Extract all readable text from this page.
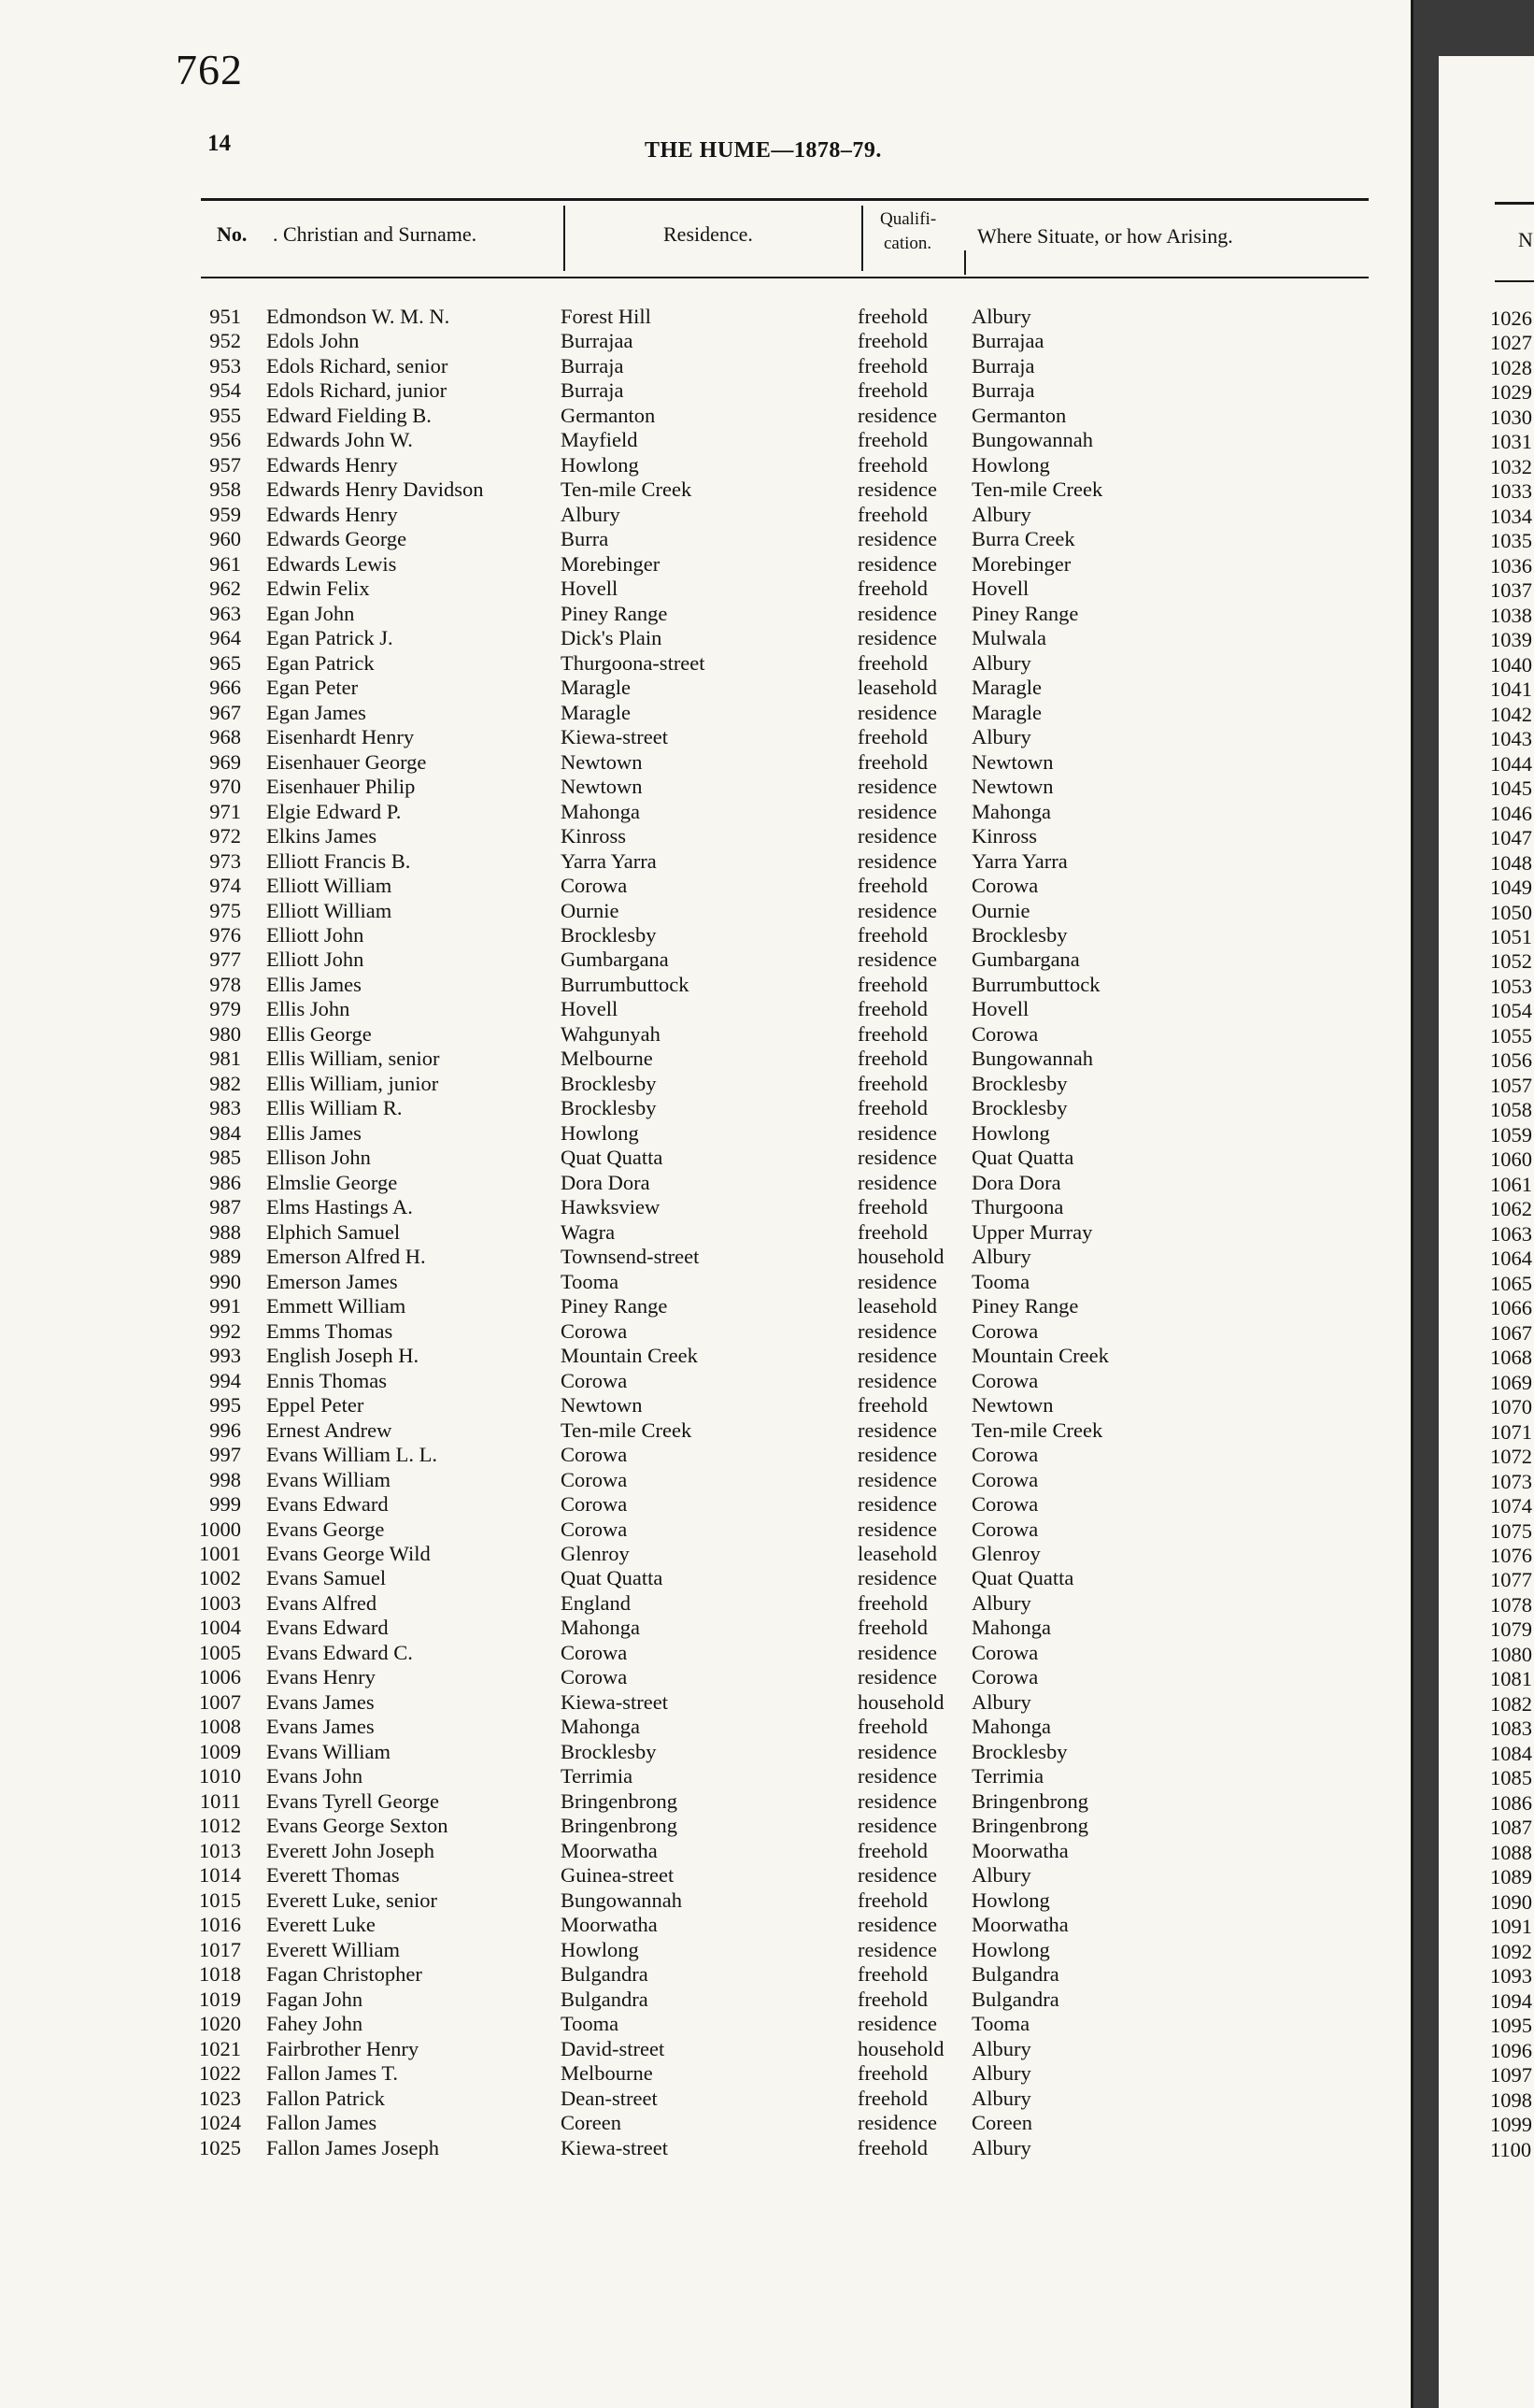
762
14	THE HUME—1878–79.
No. . Christian and Surname.	Residence.
Qualifi-
cation. Where Situate, or how Arising.
951 Edmondson W. M. N.	Forest Hill	freehold Albury
952 Edols John	Burrajaa	freehold Burrajaa
953 Edols Richard, senior	Burraja	freehold Burraja
954 Edols Richard, junior	Burraja	freehold Burraja
955 Edward Fielding B.	Germanton	residence Germanton
956 Edwards John W.	Mayfield	freehold Bungowannah
957 Edwards Henry	Howlong	freehold Howlong
958 Edwards Henry Davidson	Ten-mile Creek	residence Ten-mile Creek
959 Edwards Henry	Albury	freehold Albury
960 Edwards George	Burra	residence Burra Creek
961 Edwards Lewis	Morebinger	residence Morebinger
962 Edwin Felix	Hovell	freehold Hovell
963 Egan John	Piney Range	residence Piney Range
964 Egan Patrick J.	Dick's Plain	residence Mulwala
965 Egan Patrick	Thurgoona-street	freehold Albury
966 Egan Peter	Maragle	leasehold Maragle
967 Egan James	Maragle	residence Maragle
968 Eisenhardt Henry	Kiewa-street	freehold Albury
969 Eisenhauer George	Newtown	freehold Newtown
970 Eisenhauer Philip	Newtown	residence Newtown
971 Elgie Edward P.	Mahonga	residence Mahonga
972 Elkins James	Kinross	residence Kinross
973 Elliott Francis B.	Yarra Yarra	residence Yarra Yarra
974 Elliott William	Corowa	freehold Corowa
975 Elliott William	Ournie	residence Ournie
976 Elliott John	Brocklesby	freehold Brocklesby
977 Elliott John	Gumbargana	residence Gumbargana
978 Ellis James	Burrumbuttock	freehold Burrumbuttock
979 Ellis John	Hovell	freehold Hovell
980 Ellis George	Wahgunyah	freehold Corowa
981 Ellis William, senior	Melbourne	freehold Bungowannah
982 Ellis William, junior	Brocklesby	freehold Brocklesby
983 Ellis William R.	Brocklesby	freehold Brocklesby
984 Ellis James	Howlong	residence Howlong
985 Ellison John	Quat Quatta	residence Quat Quatta
986 Elmslie George	Dora Dora	residence Dora Dora
987 Elms Hastings A.	Hawksview	freehold Thurgoona
988 Elphich Samuel	Wagra	freehold Upper Murray
989 Emerson Alfred H.	Townsend-street	household Albury
990 Emerson James	Tooma	residence Tooma
991 Emmett William	Piney Range	leasehold Piney Range
992 Emms Thomas	Corowa	residence Corowa
993 English Joseph H.	Mountain Creek	residence Mountain Creek
994 Ennis Thomas	Corowa	residence Corowa
995 Eppel Peter	Newtown	freehold Newtown
996 Ernest Andrew	Ten-mile Creek	residence Ten-mile Creek
997 Evans William L. L.	Corowa	residence Corowa
998 Evans William	Corowa	residence Corowa
999 Evans Edward	Corowa	residence Corowa
1000 Evans George	Corowa	residence Corowa
1001 Evans George Wild	Glenroy	leasehold Glenroy
1002 Evans Samuel	Quat Quatta	residence Quat Quatta
1003 Evans Alfred	England	freehold Albury
1004 Evans Edward	Mahonga	freehold Mahonga
1005 Evans Edward C.	Corowa	residence Corowa
1006 Evans Henry	Corowa	residence Corowa
1007 Evans James	Kiewa-street	household Albury
1008 Evans James	Mahonga	freehold Mahonga
1009 Evans William	Brocklesby	residence Brocklesby
1010 Evans John	Terrimia	residence Terrimia
1011 Evans Tyrell George	Bringenbrong	residence Bringenbrong
1012 Evans George Sexton	Bringenbrong	residence Bringenbrong
1013 Everett John Joseph	Moorwatha	freehold Moorwatha
1014 Everett Thomas	Guinea-street	residence Albury
1015 Everett Luke, senior	Bungowannah	freehold Howlong
1016 Everett Luke	Moorwatha	residence Moorwatha
1017 Everett William	Howlong	residence Howlong
1018 Fagan Christopher	Bulgandra	freehold Bulgandra
1019 Fagan John	Bulgandra	freehold Bulgandra
1020 Fahey John	Tooma	residence Tooma
1021 Fairbrother Henry	David-street	household Albury
1022 Fallon James T.	Melbourne	freehold Albury
1023 Fallon Patrick	Dean-street	freehold Albury
1024 Fallon James	Coreen	residence Coreen
1025 Fallon James Joseph	Kiewa-street	freehold Albury
N
1026
1027
1028
1029
1030
1031
1032
1033
1034
1035
1036
1037
1038
1039
1040
1041
1042
1043
1044
1045
1046
1047
1048
1049
1050
1051
1052
1053
1054
1055
1056
1057
1058
1059
1060
1061
1062
1063
1064
1065
1066
1067
1068
1069
1070
1071
1072
1073
1074
1075
1076
1077
1078
1079
1080
1081
1082
1083
1084
1085
1086
1087
1088
1089
1090
1091
1092
1093
1094
1095
1096
1097
1098
1099
1100
